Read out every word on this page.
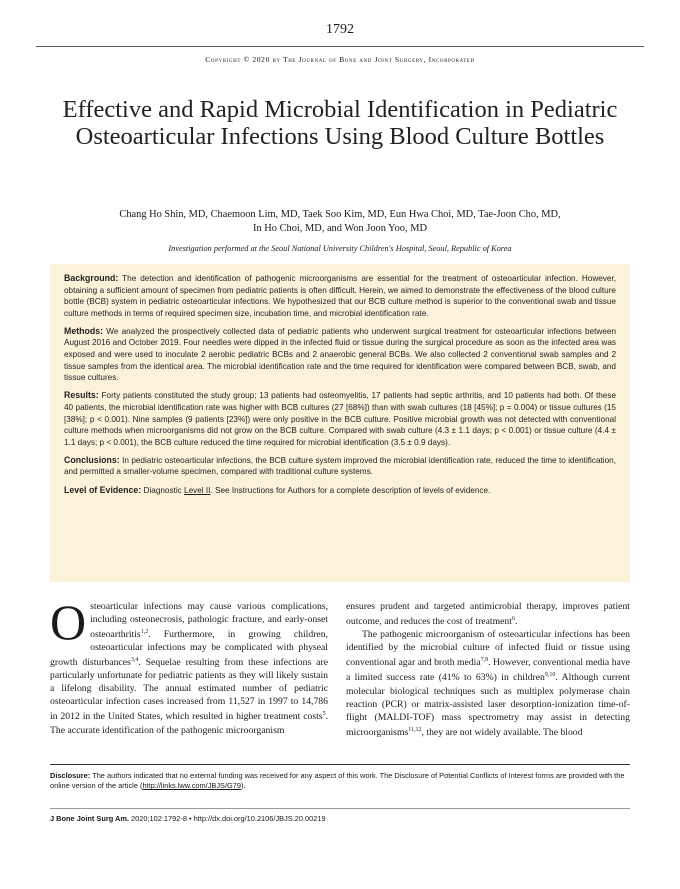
1792
Copyright © 2020 by The Journal of Bone and Joint Surgery, Incorporated
Effective and Rapid Microbial Identification in Pediatric Osteoarticular Infections Using Blood Culture Bottles
Chang Ho Shin, MD, Chaemoon Lim, MD, Taek Soo Kim, MD, Eun Hwa Choi, MD, Tae-Joon Cho, MD,
In Ho Choi, MD, and Won Joon Yoo, MD
Investigation performed at the Seoul National University Children's Hospital, Seoul, Republic of Korea

Background: The detection and identification of pathogenic microorganisms are essential for the treatment of osteoarticular infection. However, obtaining a sufficient amount of specimen from pediatric patients is often difficult. Herein, we aimed to demonstrate the effectiveness of the blood culture bottle (BCB) system in pediatric osteoarticular infections. We hypothesized that our BCB culture method is superior to the conventional swab and tissue culture methods in terms of required specimen size, incubation time, and microbial identification rate.

Methods: We analyzed the prospectively collected data of pediatric patients who underwent surgical treatment for osteoarticular infections between August 2016 and October 2019. Four needles were dipped in the infected fluid or tissue during the surgical procedure as soon as the infected area was exposed and were used to inoculate 2 aerobic pediatric BCBs and 2 anaerobic general BCBs. We also collected 2 conventional swab samples and 2 tissue samples from the identical area. The microbial identification rate and the time required for identification were compared between BCB, swab, and tissue cultures.

Results: Forty patients constituted the study group; 13 patients had osteomyelitis, 17 patients had septic arthritis, and 10 patients had both. Of these 40 patients, the microbial identification rate was higher with BCB cultures (27 [68%]) than with swab cultures (18 [45%]; p = 0.004) or tissue cultures (15 [38%]; p < 0.001). Nine samples (9 patients [23%]) were only positive in the BCB culture. Positive microbial growth was not detected with conventional culture methods when microorganisms did not grow on the BCB culture. Compared with swab culture (4.3 ± 1.1 days; p < 0.001) or tissue culture (4.4 ± 1.1 days; p < 0.001), the BCB culture reduced the time required for microbial identification (3.5 ± 0.9 days).

Conclusions: In pediatric osteoarticular infections, the BCB culture system improved the microbial identification rate, reduced the time to identification, and permitted a smaller-volume specimen, compared with traditional culture systems.

Level of Evidence: Diagnostic Level II. See Instructions for Authors for a complete description of levels of evidence.

Osteoarticular infections may cause various complications, including osteonecrosis, pathologic fracture, and early-onset osteoarthritis$^{1,2}$. Furthermore, in growing children, osteoarticular infections may be complicated with physeal growth disturbances$^{3,4}$. Sequelae resulting from these infections are particularly unfortunate for pediatric patients as they will likely sustain a lifelong disability. The annual estimated number of pediatric osteoarticular infection cases increased from 11,527 in 1997 to 14,786 in 2012 in the United States, which resulted in higher treatment costs$^5$. The accurate identification of the pathogenic microorganism

ensures prudent and targeted antimicrobial therapy, improves patient outcome, and reduces the cost of treatment$^6$.

The pathogenic microorganism of osteoarticular infections has been identified by the microbial culture of infected fluid or tissue using conventional agar and broth media$^{7,8}$. However, conventional media have a limited success rate (41% to 63%) in children$^{9,10}$. Although current molecular biological techniques such as multiplex polymerase chain reaction (PCR) or matrix-assisted laser desorption-ionization time-of-flight (MALDI-TOF) mass spectrometry may assist in detecting microorganisms$^{11,12}$, they are not widely available. The blood

Disclosure: The authors indicated that no external funding was received for any aspect of this work. The Disclosure of Potential Conflicts of Interest forms are provided with the online version of the article (http://links.lww.com/JBJS/G79).
J Bone Joint Surg Am. 2020;102:1792-8 • http://dx.doi.org/10.2106/JBJS.20.00219
